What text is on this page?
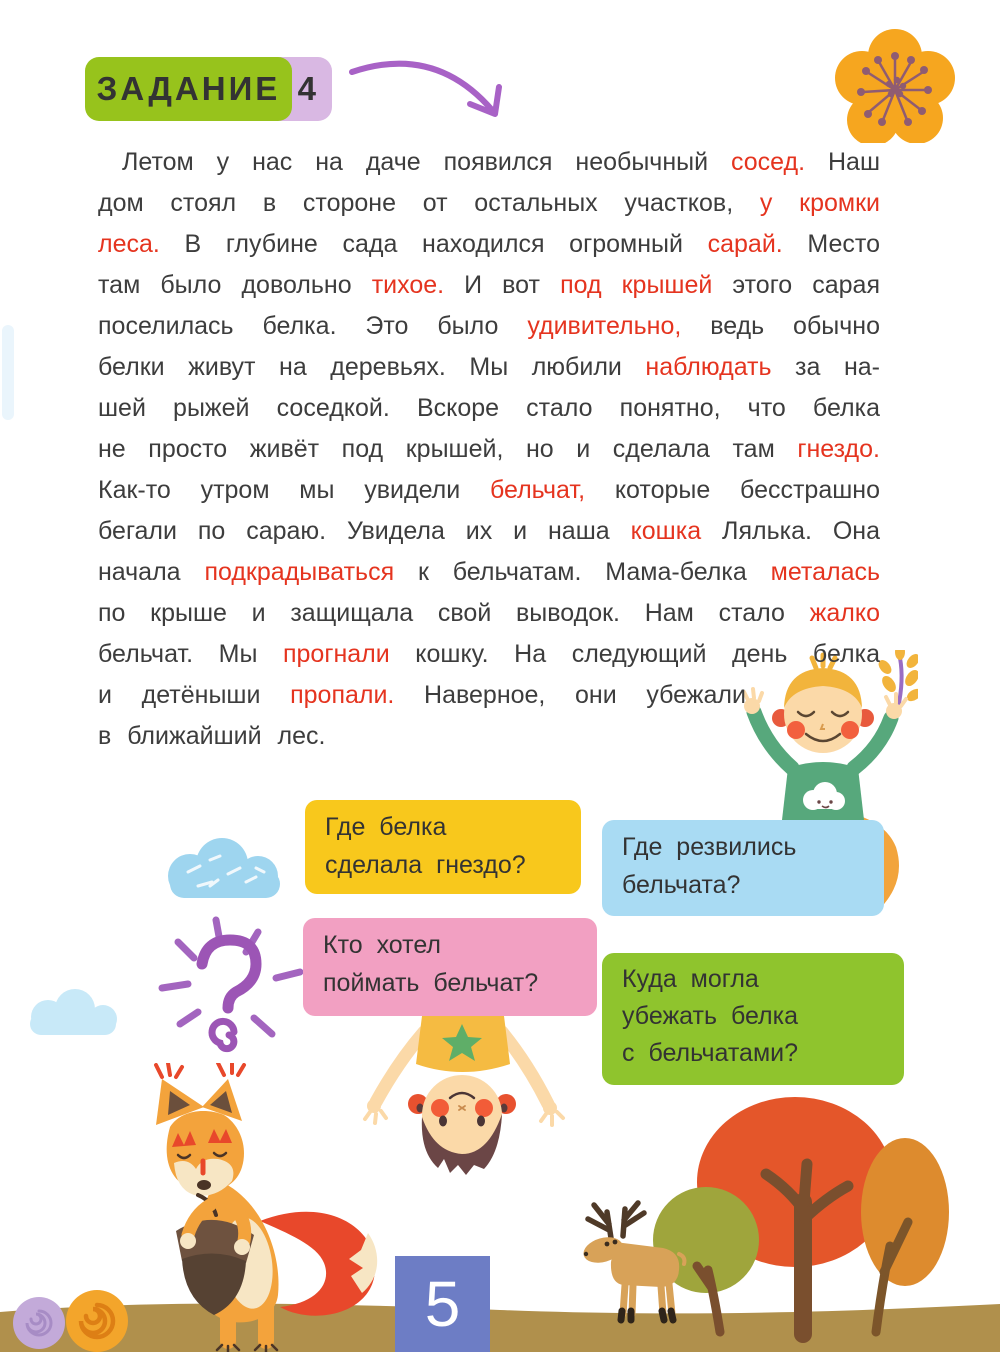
4
ЗАДАНИЕ
Летом у нас на даче появился необычный сосед. Наш
дом стоял в стороне от остальных участков, у кромки
леса. В глубине сада находился огромный сарай. Место
там было довольно тихое. И вот под крышей этого сарая
поселилась белка. Это было удивительно, ведь обычно
белки живут на деревьях. Мы любили наблюдать за на-
шей рыжей соседкой. Вскоре стало понятно, что белка
не просто живёт под крышей, но и сделала там гнездо.
Как-то утром мы увидели бельчат, которые бесстрашно
бегали по сараю. Увидела их и наша кошка Лялька. Она
начала подкрадываться к бельчатам. Мама-белка металась
по крыше и защищала свой выводок. Нам стало жалко
бельчат. Мы прогнали кошку. На следующий день белка
и детёныши пропали. Наверное, они убежали
в ближайший лес.
Где белка
сделала гнездо?
Где резвились
бельчата?
Кто хотел
поймать бельчат?	Куда могла
убежать белка
с бельчатами?
5
